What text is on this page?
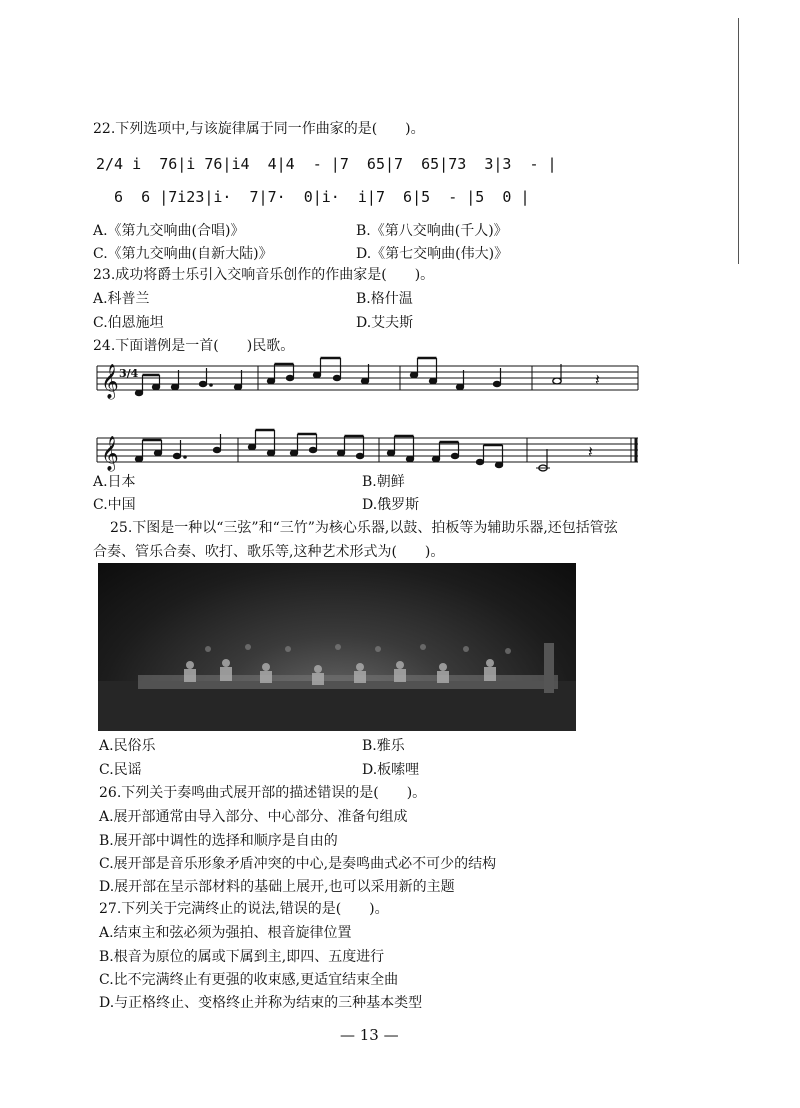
22.下列选项中,与该旋律属于同一作曲家的是(　　)。
2/4 i  76|i 76|i̇4  4|4  - |7  65|7  65|73  3|3  - |
6  6 |7i23|i̇·  7|7·  0|i·  i|7  6|5  - |5  0 |
A.《第九交响曲(合唱)》	B.《第八交响曲(千人)》
C.《第九交响曲(自新大陆)》	D.《第七交响曲(伟大)》
23.成功将爵士乐引入交响音乐创作的作曲家是(　　)。
A.科普兰	B.格什温
C.伯恩施坦	D.艾夫斯
24.下面谱例是一首(　　)民歌。
𝄞 3/4	𝄽
𝄞	𝄽
A.日本	B.朝鲜
C.中国	D.俄罗斯
25.下图是一种以“三弦”和“三竹”为核心乐器,以鼓、拍板等为辅助乐器,还包括管弦
合奏、管乐合奏、吹打、歌乐等,这种艺术形式为(　　)。
A.民俗乐	B.雅乐
C.民谣	D.板嗦哩
26.下列关于奏鸣曲式展开部的描述错误的是(　　)。
A.展开部通常由导入部分、中心部分、准备句组成
B.展开部中调性的选择和顺序是自由的
C.展开部是音乐形象矛盾冲突的中心,是奏鸣曲式必不可少的结构
D.展开部在呈示部材料的基础上展开,也可以采用新的主题
27.下列关于完满终止的说法,错误的是(　　)。
A.结束主和弦必须为强拍、根音旋律位置
B.根音为原位的属或下属到主,即四、五度进行
C.比不完满终止有更强的收束感,更适宜结束全曲
D.与正格终止、变格终止并称为结束的三种基本类型
— 13 —
